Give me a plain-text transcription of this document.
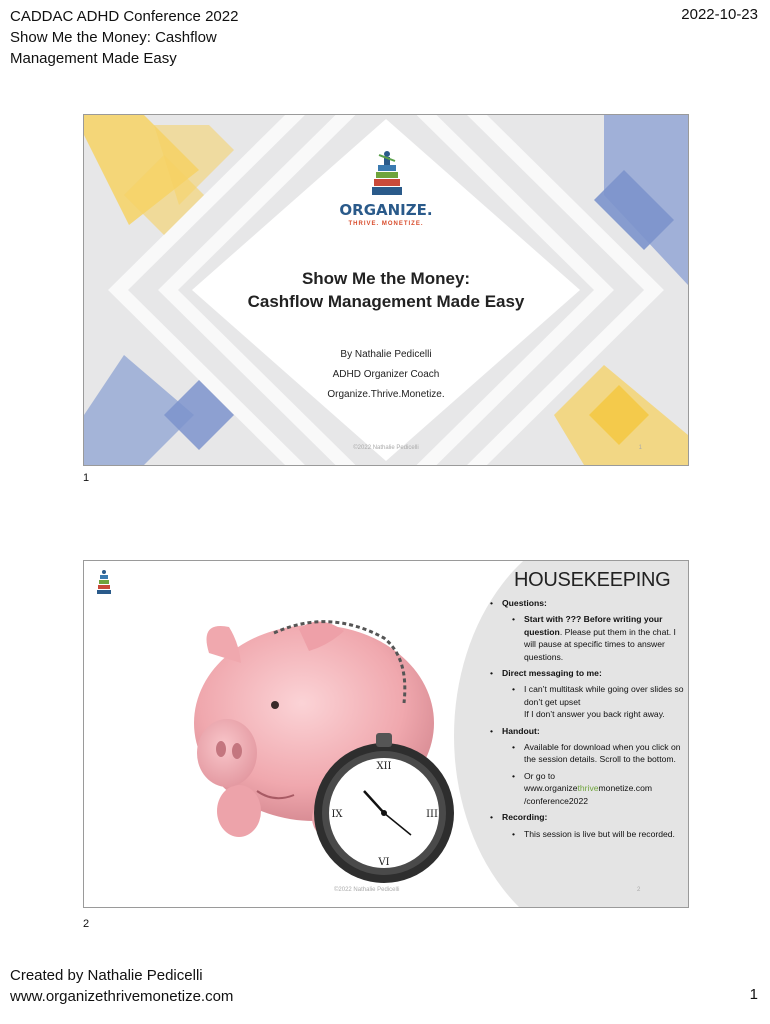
CADDAC ADHD Conference 2022
Show Me the Money: Cashflow
Management Made Easy
2022-10-23
ORGANIZE.
THRIVE. MONETIZE.
Show Me the Money:
Cashflow Management Made Easy
By Nathalie Pedicelli
ADHD Organizer Coach
Organize.Thrive.Monetize.
©2022 Nathalie Pedicelli	1
1
XII
III
VI
IX
HOUSEKEEPING
• Questions:
• Start with ??? Before writing your question. Please put them in the chat. I will pause at specific times to answer questions.
• Direct messaging to me:
• I can’t multitask while going over slides so don’t get upset
If I don’t answer you back right away.
• Handout:
• Available for download when you click on the session details. Scroll to the bottom.
• Or go to
www.organizethrivemonetize.com
/conference2022
• Recording:
• This session is live but will be recorded.
©2022 Nathalie Pedicelli	2
2
Created by Nathalie Pedicelli
www.organizethrivemonetize.com	1
